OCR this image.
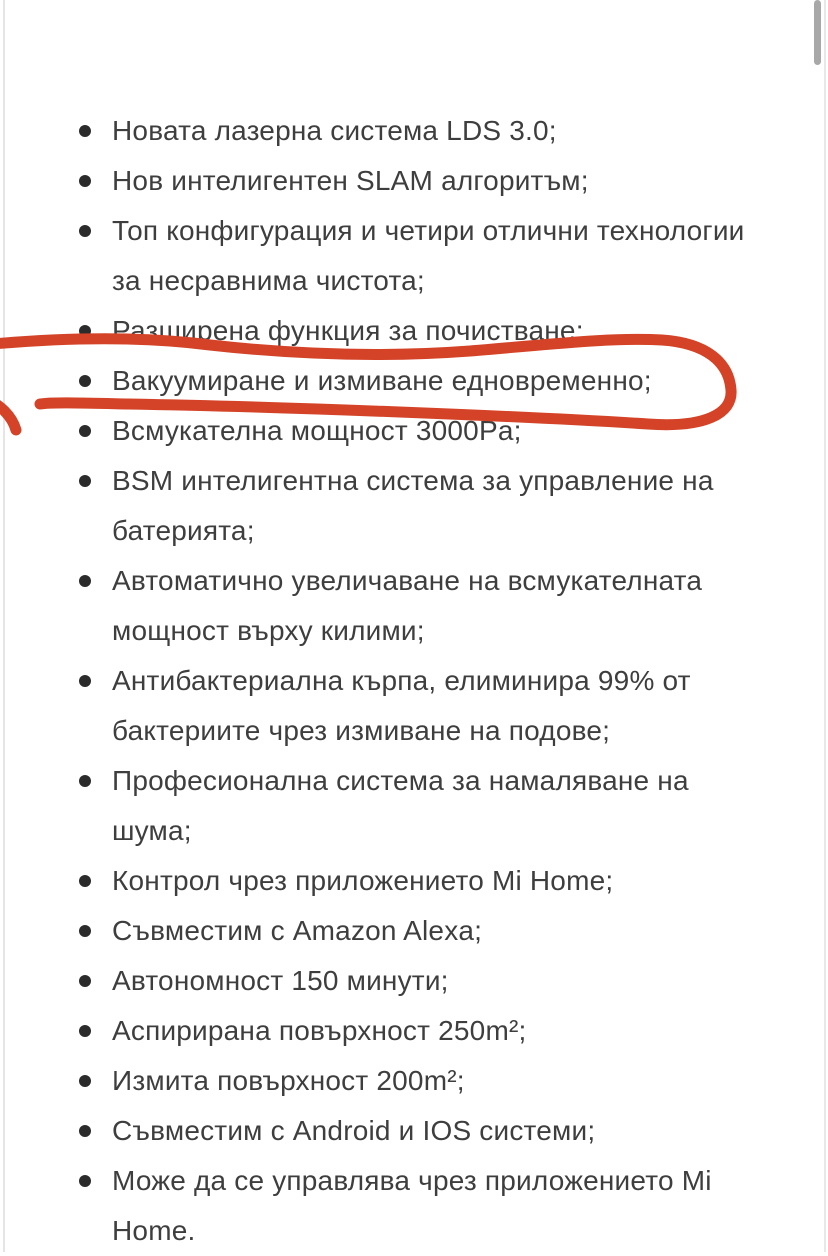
Новата лазерна система LDS 3.0;
Нов интелигентен SLAM алгоритъм;
Топ конфигурация и четири отлични технологии
за несравнима чистота;
Разширена функция за почистване;
Вакуумиране и измиване едновременно;
Всмукателна мощност 3000Pa;
BSM интелигентна система за управление на
батерията;
Автоматично увеличаване на всмукателната
мощност върху килими;
Антибактериална кърпа, елиминира 99% от
бактериите чрез измиване на подове;
Професионална система за намаляване на
шума;
Контрол чрез приложението Mi Home;
Съвместим с Amazon Alexa;
Автономност 150 минути;
Аспирирана повърхност 250m²;
Измита повърхност 200m²;
Съвместим с Android и IOS системи;
Може да се управлява чрез приложението Mi
Home.
